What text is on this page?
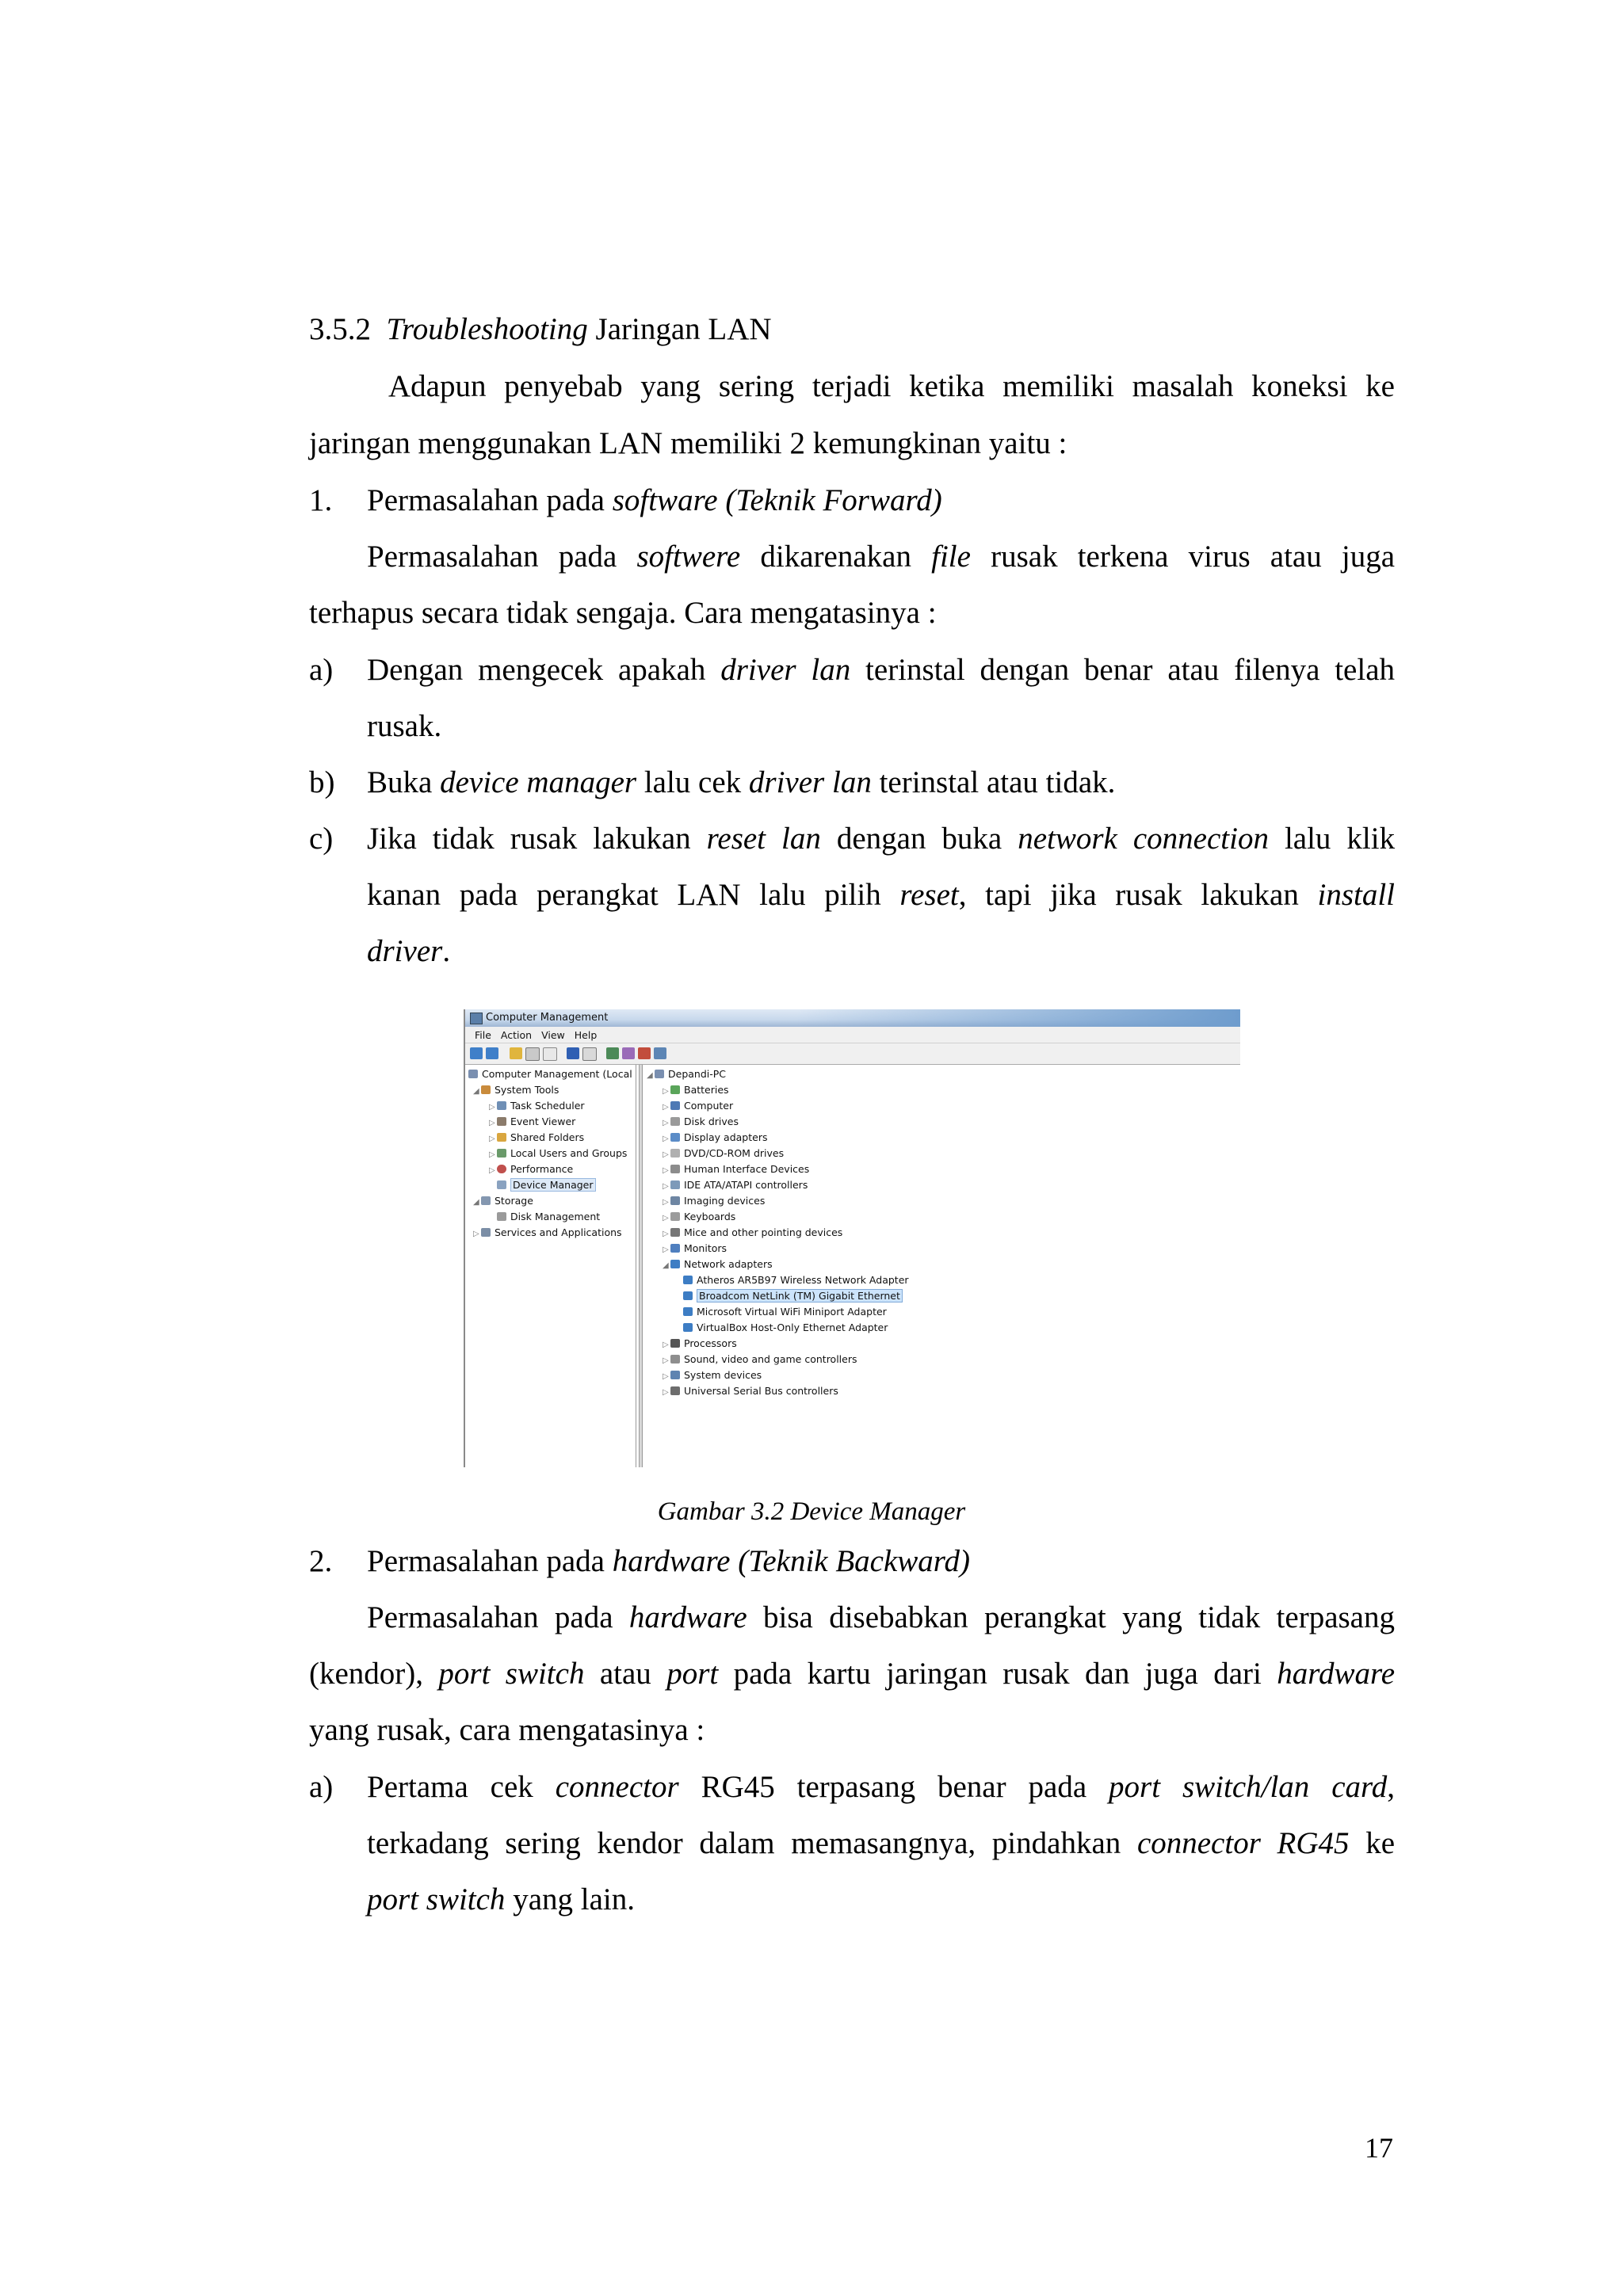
3.5.2 Troubleshooting Jaringan LAN
Adapun penyebab yang sering terjadi ketika memiliki masalah koneksi ke
jaringan menggunakan LAN memiliki 2 kemungkinan yaitu :
1. Permasalahan pada software (Teknik Forward)
Permasalahan pada softwere dikarenakan file rusak terkena virus atau juga
terhapus secara tidak sengaja. Cara mengatasinya :
a) Dengan mengecek apakah driver lan terinstal dengan benar atau filenya telah
rusak.
b) Buka device manager lalu cek driver lan terinstal atau tidak.
c) Jika tidak rusak lakukan reset lan dengan buka network connection lalu klik
kanan pada perangkat LAN lalu pilih reset, tapi jika rusak lakukan install
driver.
Computer Management
File Action View Help
Computer Management (Local
◢ System Tools
▷ Task Scheduler
▷ Event Viewer
▷ Shared Folders
▷ Local Users and Groups
▷ Performance
Device Manager
◢ Storage
Disk Management
▷ Services and Applications
◢ Depandi-PC
▷ Batteries
▷ Computer
▷ Disk drives
▷ Display adapters
▷ DVD/CD-ROM drives
▷ Human Interface Devices
▷ IDE ATA/ATAPI controllers
▷ Imaging devices
▷ Keyboards
▷ Mice and other pointing devices
▷ Monitors
◢ Network adapters
Atheros AR5B97 Wireless Network Adapter
Broadcom NetLink (TM) Gigabit Ethernet
Microsoft Virtual WiFi Miniport Adapter
VirtualBox Host-Only Ethernet Adapter
▷ Processors
▷ Sound, video and game controllers
▷ System devices
▷ Universal Serial Bus controllers
Gambar 3.2 Device Manager
2. Permasalahan pada hardware (Teknik Backward)
Permasalahan pada hardware bisa disebabkan perangkat yang tidak terpasang
(kendor), port switch atau port pada kartu jaringan rusak dan juga dari hardware
yang rusak, cara mengatasinya :
a) Pertama cek connector RG45 terpasang benar pada port switch/lan card,
terkadang sering kendor dalam memasangnya, pindahkan connector RG45 ke
port switch yang lain.
17
